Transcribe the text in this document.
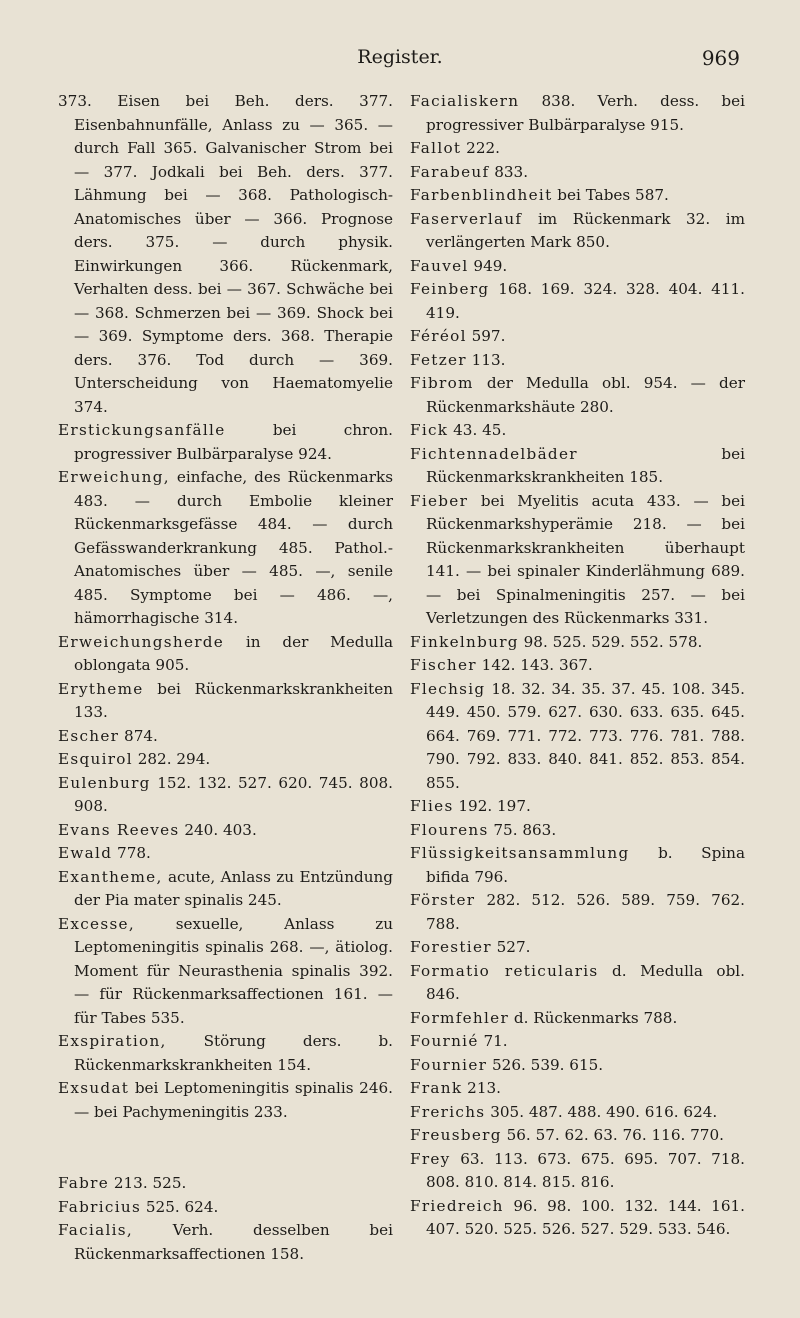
Register.	969
373. Eisen bei Beh. ders. 377. Eisenbahnunfälle, Anlass zu — 365. — durch Fall 365. Galvanischer Strom bei — 377. Jodkali bei Beh. ders. 377. Lähmung bei — 368. Pathologisch-Anatomisches über — 366. Prognose ders. 375. — durch physik. Einwirkungen 366. Rückenmark, Verhalten dess. bei — 367. Schwäche bei — 368. Schmerzen bei — 369. Shock bei — 369. Symptome ders. 368. Therapie ders. 376. Tod durch — 369. Unterscheidung von Haematomyelie 374.
Erstickungsanfälle bei chron. progressiver Bulbärparalyse 924.
Erweichung, einfache, des Rückenmarks 483. — durch Embolie kleiner Rückenmarksgefässe 484. — durch Gefässwanderkrankung 485. Pathol.-Anatomisches über — 485. —, senile 485. Symptome bei — 486. —, hämorrhagische 314.
Erweichungsherde in der Medulla oblongata 905.
Erytheme bei Rückenmarkskrankheiten 133.
Escher 874.
Esquirol 282. 294.
Eulenburg 152. 132. 527. 620. 745. 808. 908.
Evans Reeves 240. 403.
Ewald 778.
Exantheme, acute, Anlass zu Entzündung der Pia mater spinalis 245.
Excesse, sexuelle, Anlass zu Leptomeningitis spinalis 268. —, ätiolog. Moment für Neurasthenia spinalis 392. — für Rückenmarksaffectionen 161. — für Tabes 535.
Exspiration, Störung ders. b. Rückenmarkskrankheiten 154.
Exsudat bei Leptomeningitis spinalis 246. — bei Pachymeningitis 233.
Fabre 213. 525.
Fabricius 525. 624.
Facialis, Verh. desselben bei Rückenmarksaffectionen 158.
Facialiskern 838. Verh. dess. bei progressiver Bulbärparalyse 915.
Fallot 222.
Farabeuf 833.
Farbenblindheit bei Tabes 587.
Faserverlauf im Rückenmark 32. im verlängerten Mark 850.
Fauvel 949.
Feinberg 168. 169. 324. 328. 404. 411. 419.
Féréol 597.
Fetzer 113.
Fibrom der Medulla obl. 954. — der Rückenmarkshäute 280.
Fick 43. 45.
Fichtennadelbäder bei Rückenmarkskrankheiten 185.
Fieber bei Myelitis acuta 433. — bei Rückenmarkshyperämie 218. — bei Rückenmarkskrankheiten überhaupt 141. — bei spinaler Kinderlähmung 689. — bei Spinalmeningitis 257. — bei Verletzungen des Rückenmarks 331.
Finkelnburg 98. 525. 529. 552. 578.
Fischer 142. 143. 367.
Flechsig 18. 32. 34. 35. 37. 45. 108. 345. 449. 450. 579. 627. 630. 633. 635. 645. 664. 769. 771. 772. 773. 776. 781. 788. 790. 792. 833. 840. 841. 852. 853. 854. 855.
Flies 192. 197.
Flourens 75. 863.
Flüssigkeitsansammlung b. Spina bifida 796.
Förster 282. 512. 526. 589. 759. 762. 788.
Forestier 527.
Formatio reticularis d. Medulla obl. 846.
Formfehler d. Rückenmarks 788.
Fournié 71.
Fournier 526. 539. 615.
Frank 213.
Frerichs 305. 487. 488. 490. 616. 624.
Freusberg 56. 57. 62. 63. 76. 116. 770.
Frey 63. 113. 673. 675. 695. 707. 718. 808. 810. 814. 815. 816.
Friedreich 96. 98. 100. 132. 144. 161. 407. 520. 525. 526. 527. 529. 533. 546.
